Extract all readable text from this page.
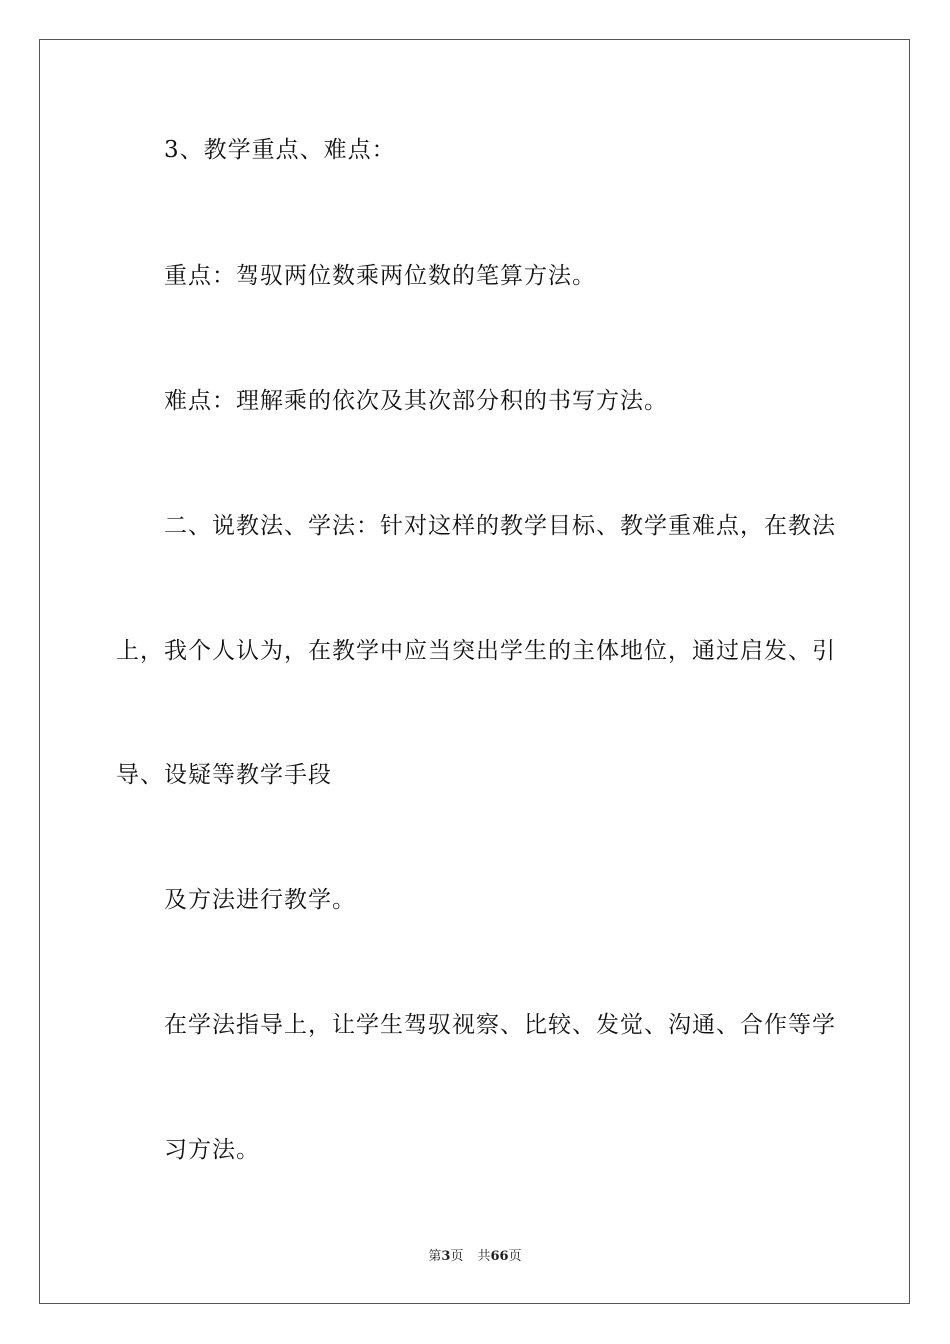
3、教学重点、难点：
重点：驾驭两位数乘两位数的笔算方法。
难点：理解乘的依次及其次部分积的书写方法。
二、说教法、学法：针对这样的教学目标、教学重难点，在教法
上，我个人认为，在教学中应当突出学生的主体地位，通过启发、引
导、设疑等教学手段
及方法进行教学。
在学法指导上，让学生驾驭视察、比较、发觉、沟通、合作等学
习方法。
第3页 共66页
